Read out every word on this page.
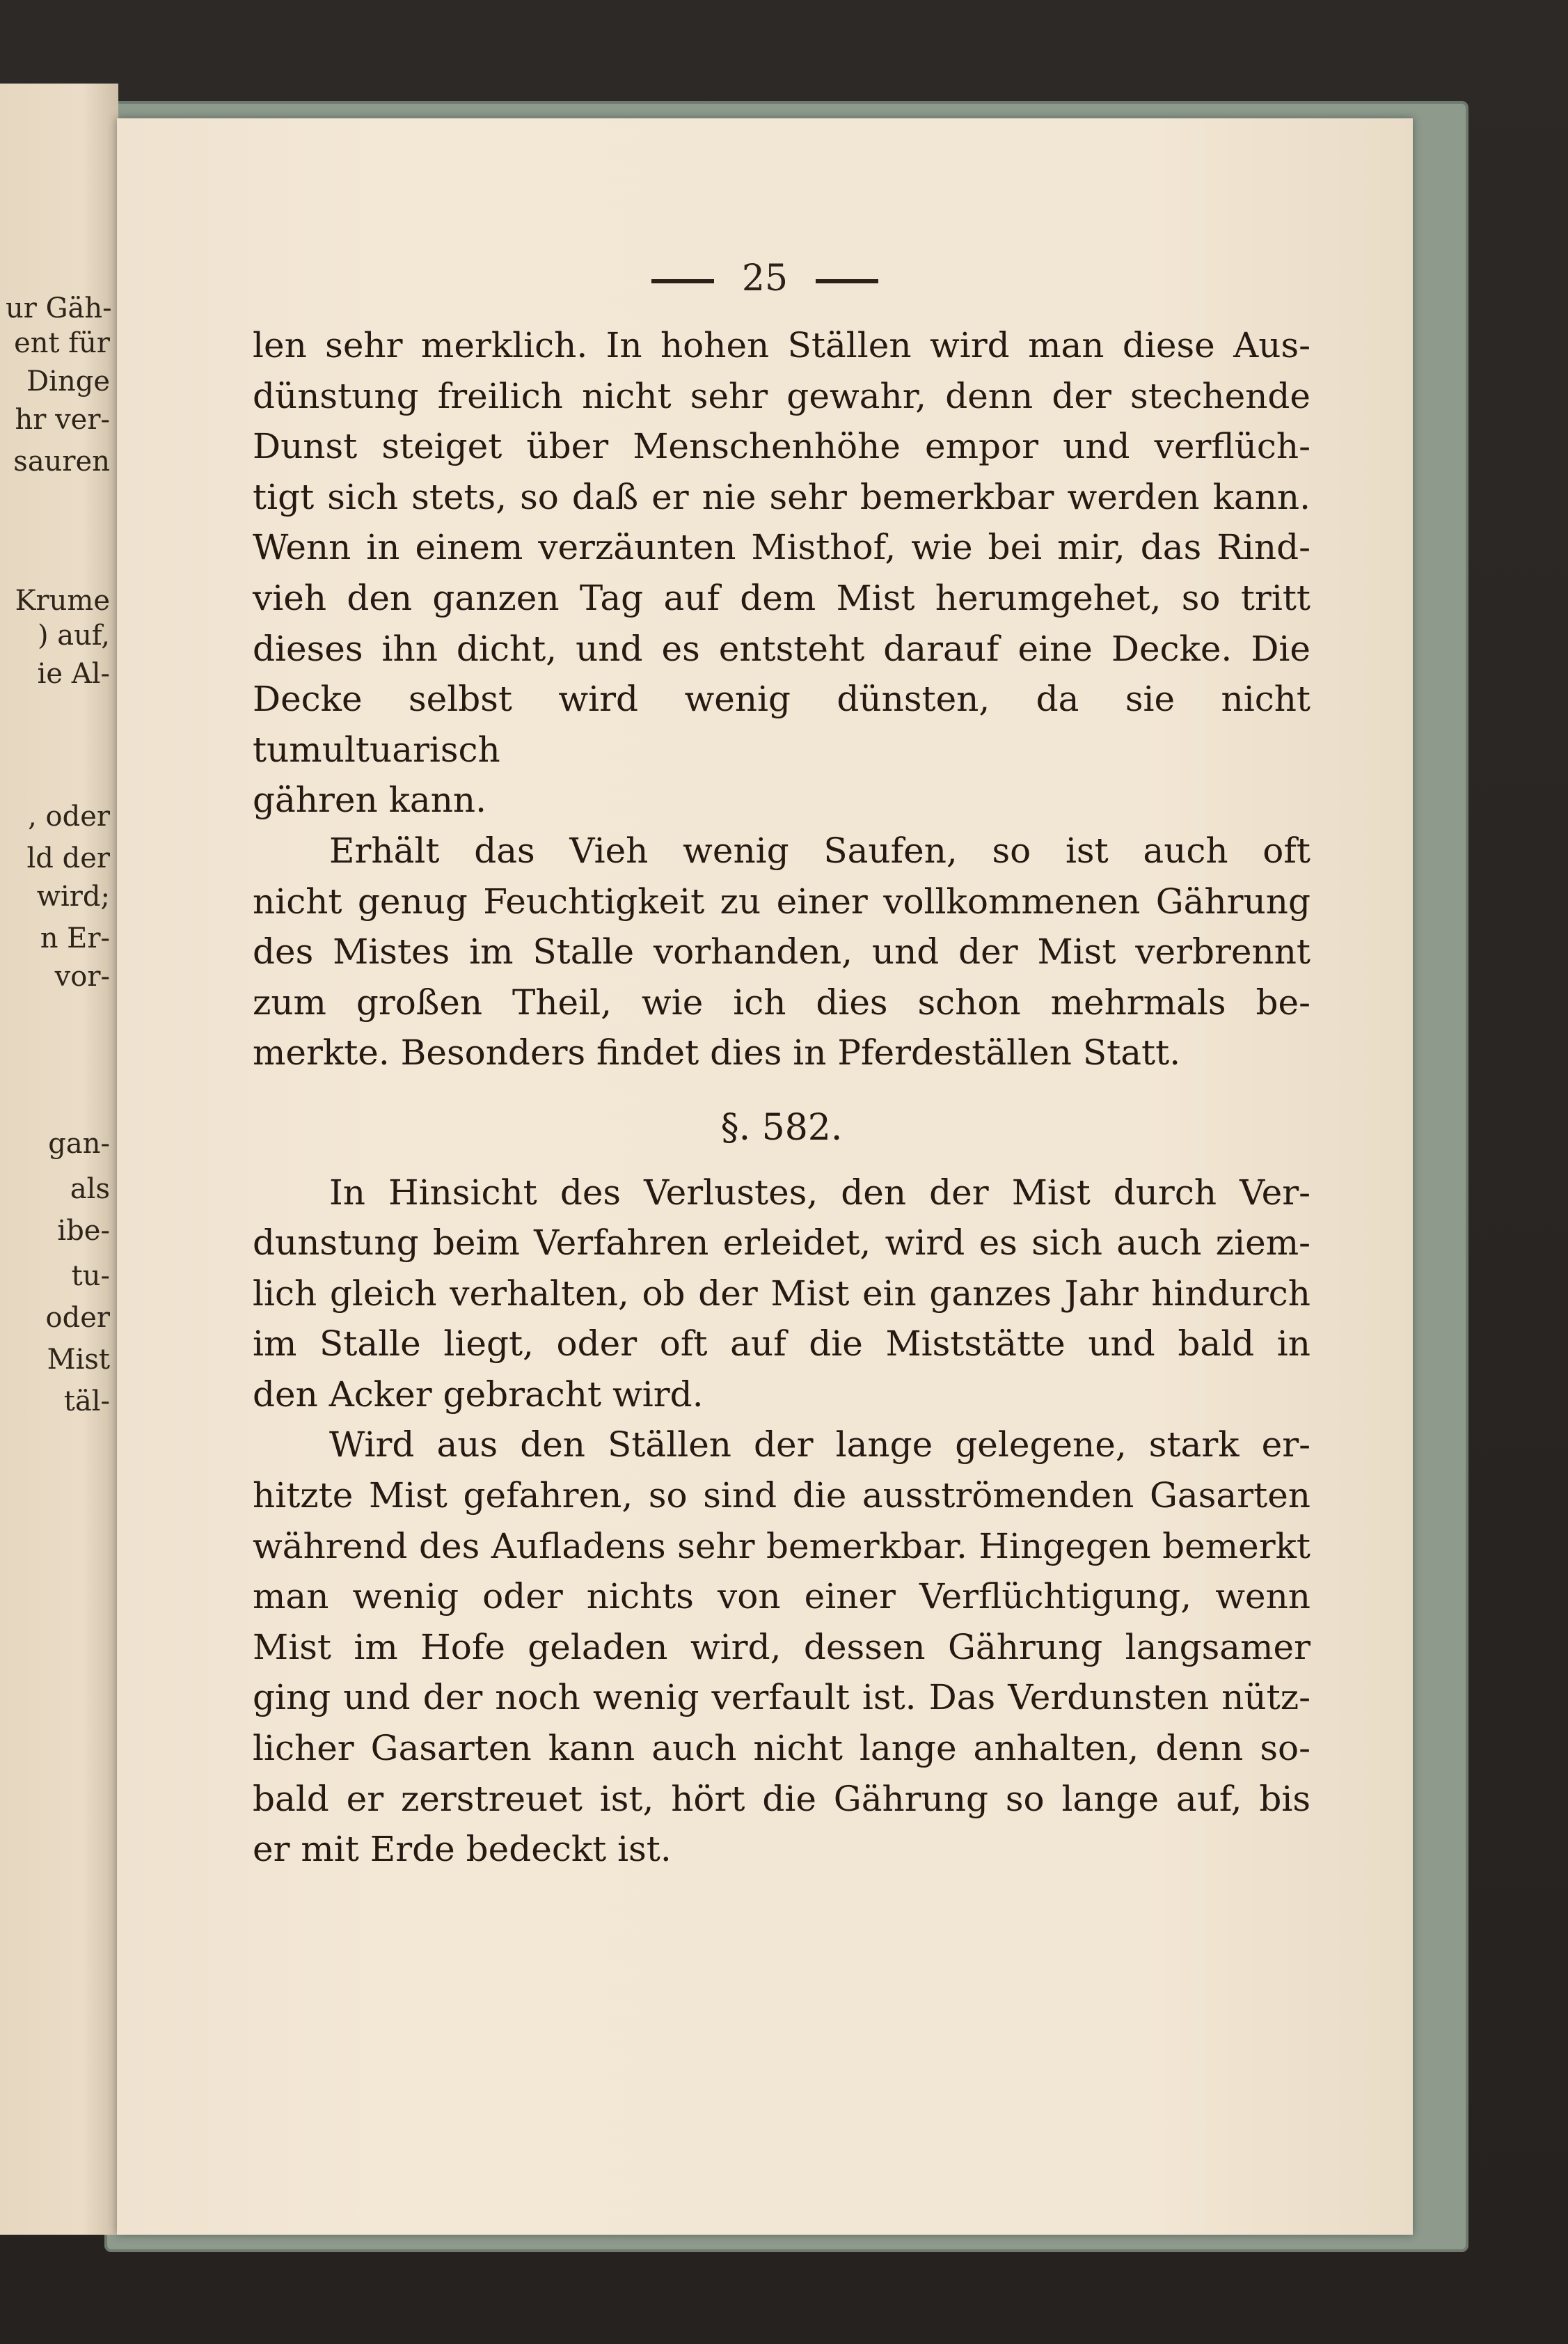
ur Gäh-
ent für
Dinge
hr ver-
sauren
Krume
) auf,
ie Al-
, oder
ld der
wird;
n Er-
vor-
gan-
als
ibe-
tu-
oder
Mist
täl-
25

len sehr merklich. In hohen Ställen wird man diese Aus-
dünstung freilich nicht sehr gewahr, denn der stechende
Dunst steiget über Menschenhöhe empor und verflüch-
tigt sich stets, so daß er nie sehr bemerkbar werden kann.
Wenn in einem verzäunten Misthof, wie bei mir, das Rind-
vieh den ganzen Tag auf dem Mist herumgehet, so tritt
dieses ihn dicht, und es entsteht darauf eine Decke. Die
Decke selbst wird wenig dünsten, da sie nicht tumultuarisch
gähren kann.

Erhält das Vieh wenig Saufen, so ist auch oft
nicht genug Feuchtigkeit zu einer vollkommenen Gährung
des Mistes im Stalle vorhanden, und der Mist verbrennt
zum großen Theil, wie ich dies schon mehrmals be-
merkte. Besonders findet dies in Pferdeställen Statt.

§. 582.

In Hinsicht des Verlustes, den der Mist durch Ver-
dunstung beim Verfahren erleidet, wird es sich auch ziem-
lich gleich verhalten, ob der Mist ein ganzes Jahr hindurch
im Stalle liegt, oder oft auf die Miststätte und bald in
den Acker gebracht wird.

Wird aus den Ställen der lange gelegene, stark er-
hitzte Mist gefahren, so sind die ausströmenden Gasarten
während des Aufladens sehr bemerkbar. Hingegen bemerkt
man wenig oder nichts von einer Verflüchtigung, wenn
Mist im Hofe geladen wird, dessen Gährung langsamer
ging und der noch wenig verfault ist. Das Verdunsten nütz-
licher Gasarten kann auch nicht lange anhalten, denn so-
bald er zerstreuet ist, hört die Gährung so lange auf, bis
er mit Erde bedeckt ist.
